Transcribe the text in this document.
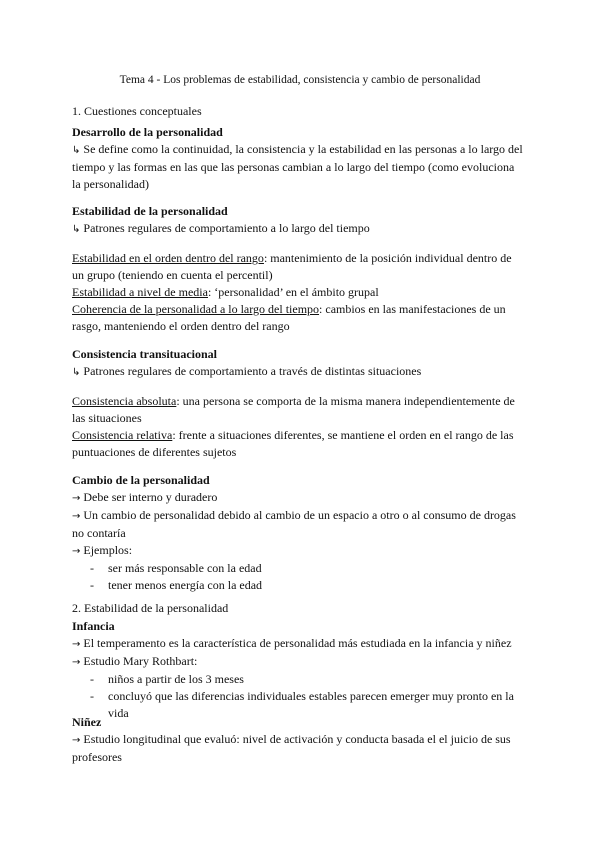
Tema 4 - Los problemas de estabilidad, consistencia y cambio de personalidad
1. Cuestiones conceptuales

Desarrollo de la personalidad

↳ Se define como la continuidad, la consistencia y la estabilidad en las personas a lo largo del tiempo y las formas en las que las personas cambian a lo largo del tiempo (como evoluciona la personalidad)

Estabilidad de la personalidad

↳ Patrones regulares de comportamiento a lo largo del tiempo

Estabilidad en el orden dentro del rango: mantenimiento de la posición individual dentro de un grupo (teniendo en cuenta el percentil)

Estabilidad a nivel de media: ‘personalidad’ en el ámbito grupal

Coherencia de la personalidad a lo largo del tiempo: cambios en las manifestaciones de un rasgo, manteniendo el orden dentro del rango

Consistencia transituacional

↳ Patrones regulares de comportamiento a través de distintas situaciones

Consistencia absoluta: una persona se comporta de la misma manera independientemente de las situaciones

Consistencia relativa: frente a situaciones diferentes, se mantiene el orden en el rango de las puntuaciones de diferentes sujetos

Cambio de la personalidad

→ Debe ser interno y duradero

→ Un cambio de personalidad debido al cambio de un espacio a otro o al consumo de drogas no contaría

→ Ejemplos:

- ser más responsable con la edad

- tener menos energía con la edad

2. Estabilidad de la personalidad

Infancia

→ El temperamento es la característica de personalidad más estudiada en la infancia y niñez

→ Estudio Mary Rothbart:

- niños a partir de los 3 meses

- concluyó que las diferencias individuales estables parecen emerger muy pronto en la vida

Niñez

→ Estudio longitudinal que evaluó: nivel de activación y conducta basada el el juicio de sus profesores
